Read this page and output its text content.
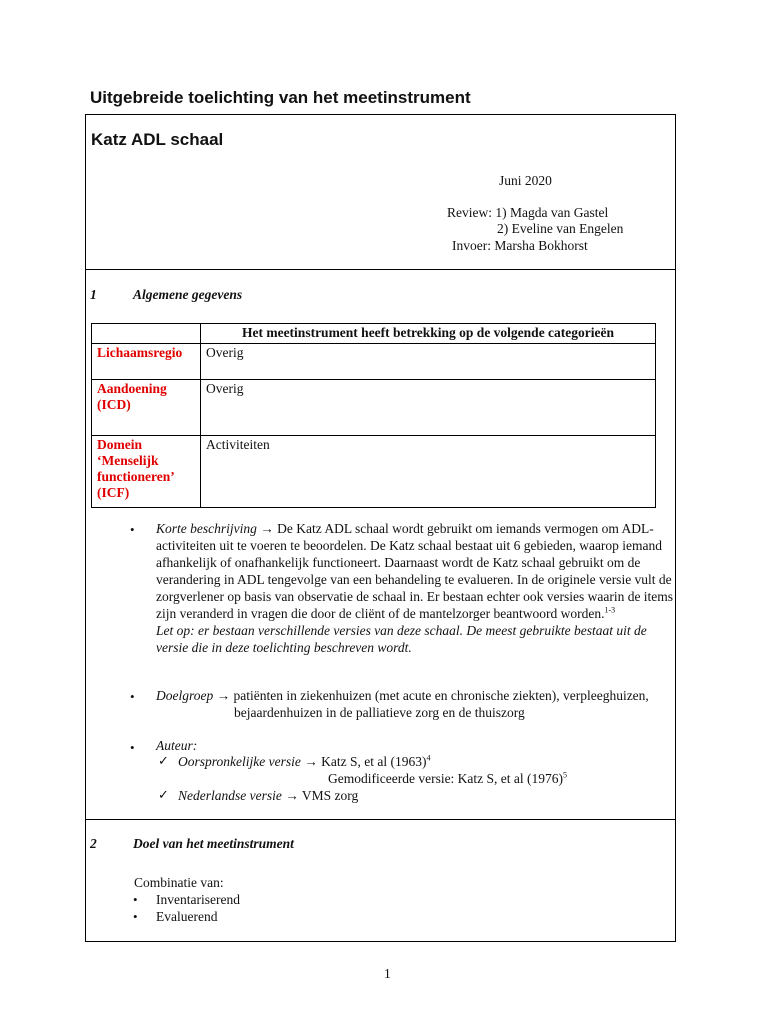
Uitgebreide toelichting van het meetinstrument
Katz ADL schaal
Juni 2020
Review: 1) Magda van Gastel
2) Eveline van Engelen
Invoer: Marsha Bokhorst
1	Algemene gegevens
	Het meetinstrument heeft betrekking op de volgende categorieën
Lichaamsregio	Overig
Aandoening (ICD)	Overig
Domein ‘Menselijk functioneren’ (ICF)	Activiteiten
• Korte beschrijving → De Katz ADL schaal wordt gebruikt om iemands vermogen om ADL-activiteiten uit te voeren te beoordelen. De Katz schaal bestaat uit 6 gebieden, waarop iemand afhankelijk of onafhankelijk functioneert. Daarnaast wordt de Katz schaal gebruikt om de verandering in ADL tengevolge van een behandeling te evalueren. In de originele versie vult de zorgverlener op basis van observatie de schaal in. Er bestaan echter ook versies waarin de items zijn veranderd in vragen die door de cliënt of de mantelzorger beantwoord worden.$^{1-3}$
Let op: er bestaan verschillende versies van deze schaal. De meest gebruikte bestaat uit de versie die in deze toelichting beschreven wordt.
• Doelgroep → patiënten in ziekenhuizen (met acute en chronische ziekten), verpleeghuizen,
bejaardenhuizen in de palliatieve zorg en de thuiszorg
• Auteur:
✓ Oorspronkelijke versie → Katz S, et al $(1963)^4$
Gemodificeerde versie: Katz S, et al $(1976)^5$
✓ Nederlandse versie → VMS zorg
2	Doel van het meetinstrument
Combinatie van:
• Inventariserend
• Evaluerend
1
